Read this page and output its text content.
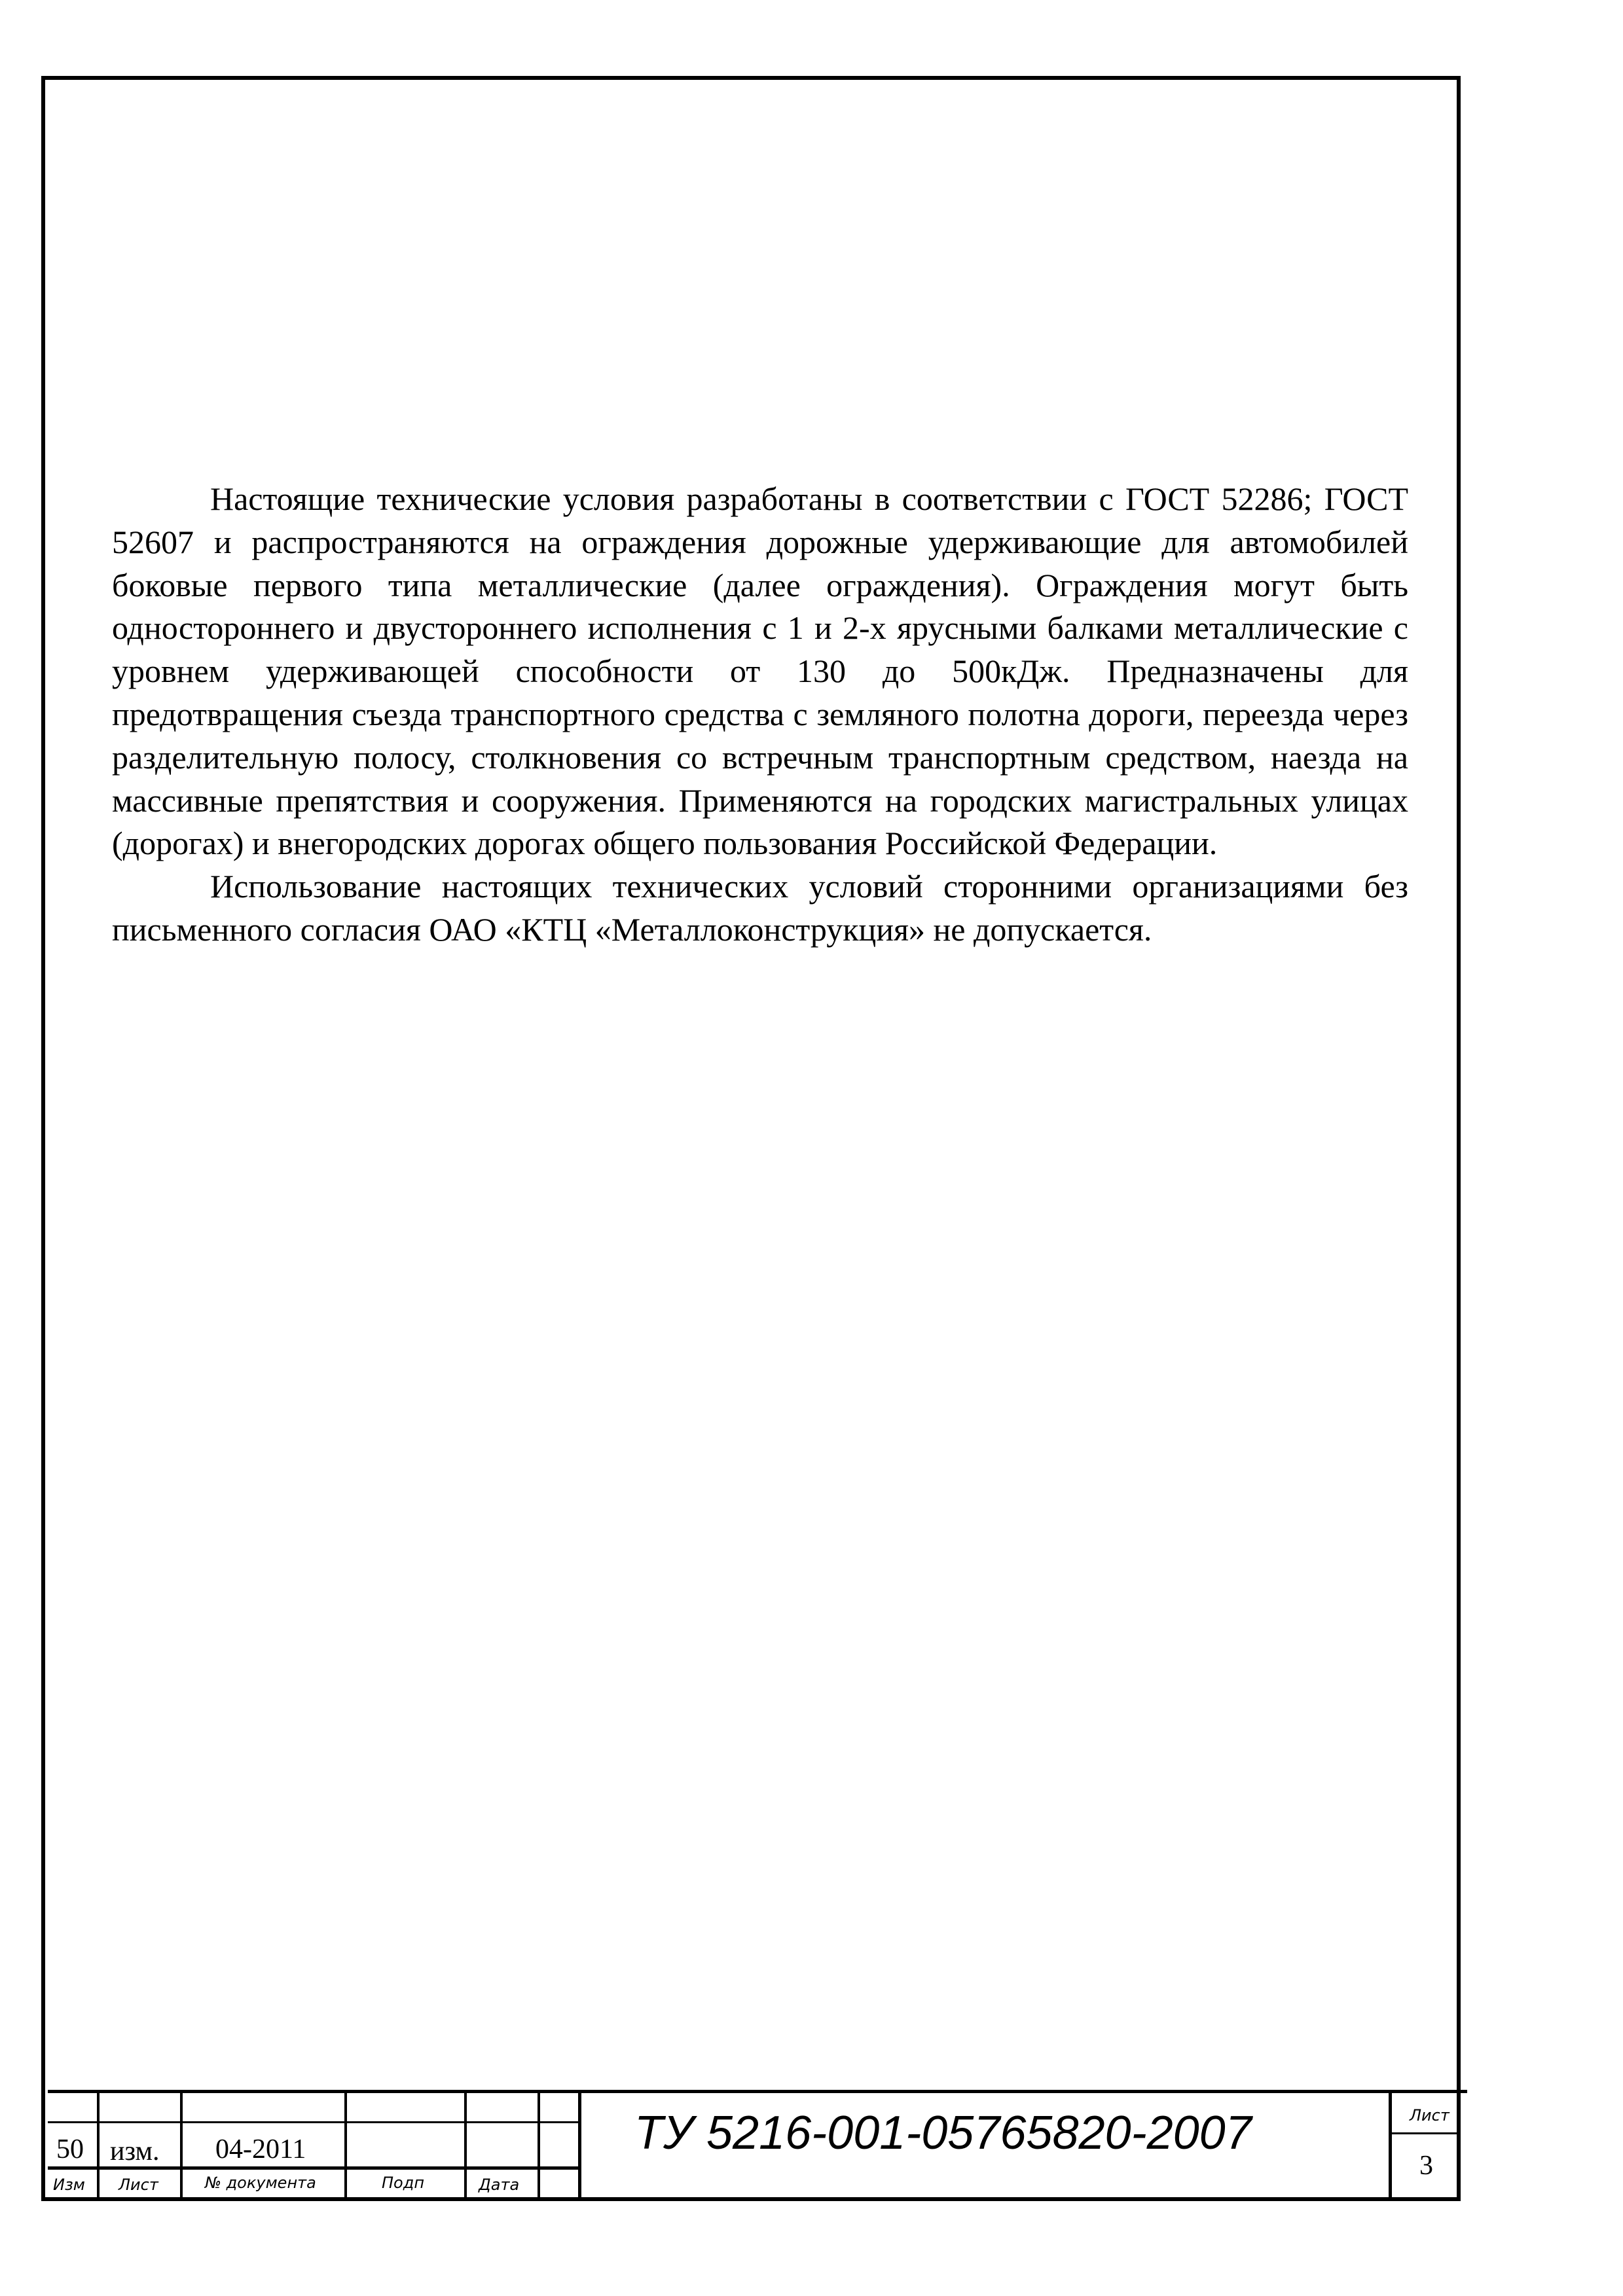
Настоящие технические условия разработаны в соответствии с ГОСТ 52286; ГОСТ 52607 и распространяются на ограждения дорожные удерживающие для автомобилей боковые первого типа металлические (далее ограждения). Ограждения могут быть одностороннего и двустороннего исполнения с 1 и 2-х ярусными балками металлические с уровнем удерживающей способности от 130 до 500кДж. Предназначены для предотвращения съезда транспортного средства с земляного полотна дороги, переезда через разделительную полосу, столкновения со встречным транспортным средством, наезда на массивные препятствия и сооружения. Применяются на городских магистральных улицах (дорогах) и внегородских дорогах общего пользования Российской Федерации.

Использование настоящих технических условий сторонними организациями без письменного согласия ОАО «КТЦ «Металлоконструкция» не допускается.

50 изм. 04-2011
Изм Лист	№ документа	Подп	Дата
ТУ 5216-001-05765820-2007	Лист
3
